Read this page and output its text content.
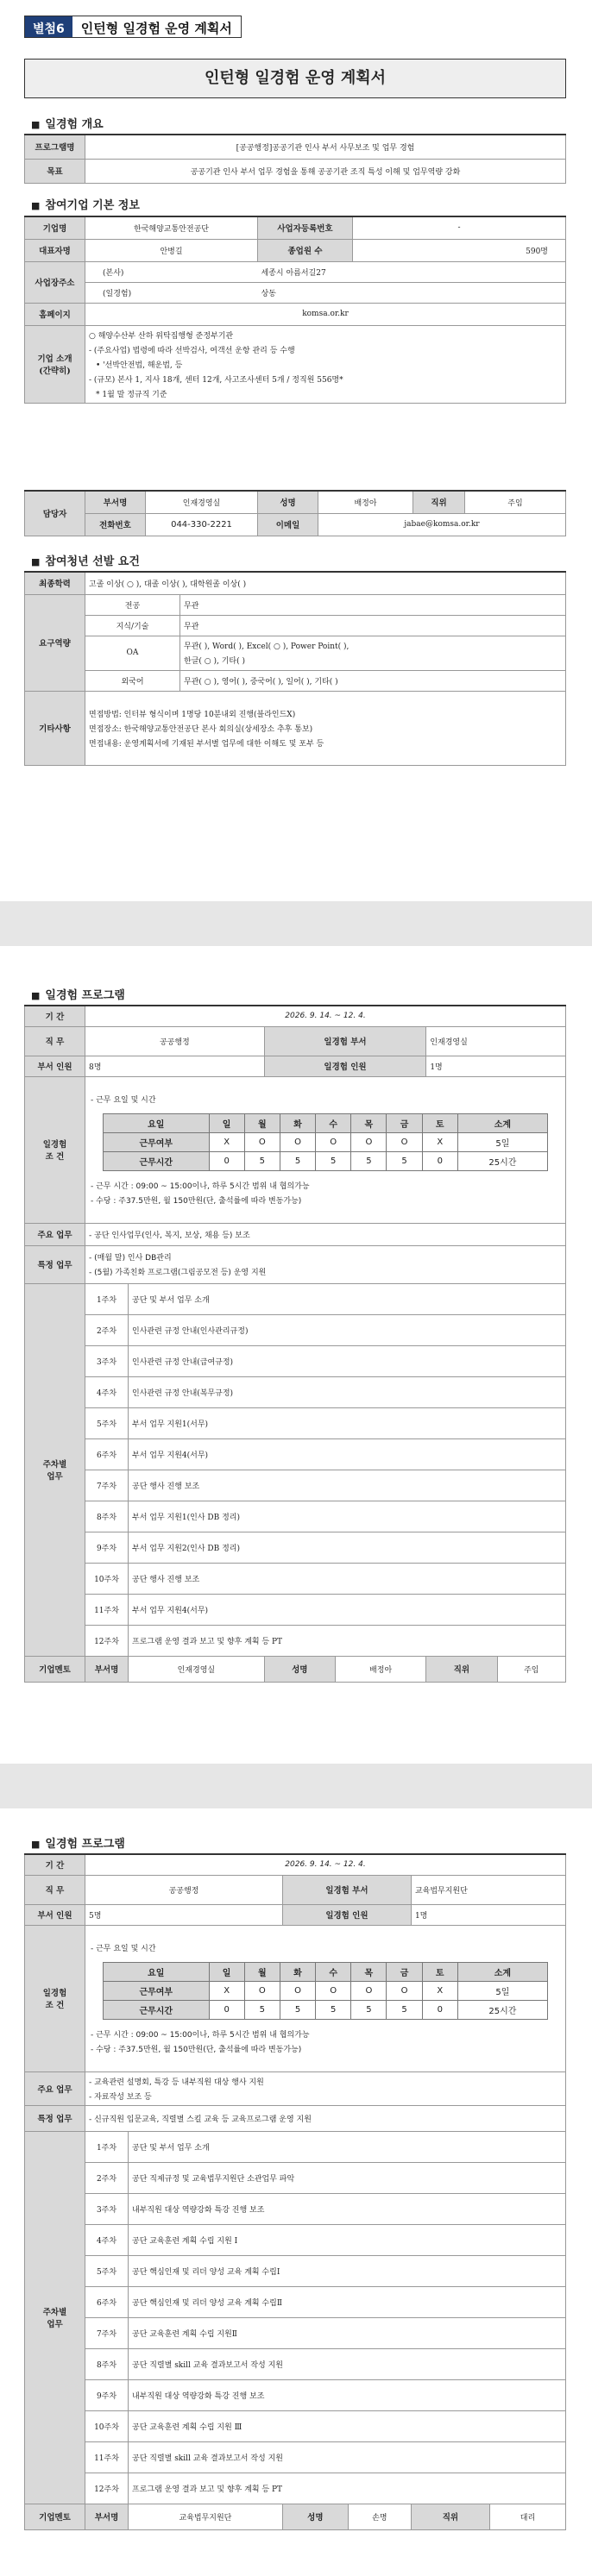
별첨6	인턴형 일경험 운영 계획서
인턴형 일경험 운영 계획서
■ 일경험 개요
프로그램명	[공공행정]공공기관 인사 부서 사무보조 및 업무 경험
목표	공공기관 인사 부서 업무 경험을 통해 공공기관 조직 특성 이해 및 업무역량 강화
■ 참여기업 기본 정보
기업명	한국해양교통안전공단	사업자등록번호	-
대표자명	안병길	종업원 수	590명
사업장주소	(본사)	세종시 아름서길27	
	(일경험)	상동	
홈페이지	komsa.or.kr		
기업 소개
(간략히)	○ 해양수산부 산하 위탁집행형 준정부기관
- (주요사업) 법령에 따라 선박검사, 여객선 운항 관리 등 수행
• '선박안전법, 해운법, 등
- (규모) 본사 1, 지사 18개, 센터 12개, 사고조사센터 5개 / 정직원 556명*
* 1월 말 정규직 기준		
담당자	부서명	인재경영실	성명	배정아	직위	주임
	전화번호	044-330-2221	이메일	jabae@komsa.or.kr		
■ 참여청년 선발 요건
최종학력	고졸 이상( ○ ), 대졸 이상( ), 대학원졸 이상( )	
요구역량	전공	무관
	지식/기술	무관
	OA	무관( ), Word( ), Excel( ○ ), Power Point( ),
한글( ○ ), 기타( )

	외국어	무관( ○ ), 영어( ), 중국어( ), 일어( ), 기타( )
기타사항	면접방법: 인터뷰 형식이며 1명당 10분내외 진행(블라인드X)
면접장소: 한국해양교통안전공단 본사 회의실(상세장소 추후 통보)
면접내용: 운영계획서에 기재된 부서별 업무에 대한 이해도 및 포부 등	
■ 일경험 프로그램
기 간	2026. 9. 14. ~ 12. 4.
직 무	공공행정	일경험 부서	인재경영실
부서 인원	8명	일경험 인원	1명
일경험
조 건	
- 근무 요일 및 시간
요일	일	월	화	수	목	금	토	소계
근무여부	X	O	O	O	O	O	X	5일
근무시간	0	5	5	5	5	5	0	25시간
- 근무 시간 : 09:00 ~ 15:00이나, 하루 5시간 범위 내 협의가능
- 수당 : 주37.5만원, 월 150만원(단, 출석률에 따라 변동가능)

주요 업무	- 공단 인사업무(인사, 복지, 보상, 채용 등) 보조
특정 업무	
- (매월 말) 인사 DB관리
- (5월) 가족친화 프로그램(그림공모전 등) 운영 지원

주차별
업무	1주차	공단 및 부서 업무 소개
2주차	인사관련 규정 안내(인사관리규정)
3주차	인사관련 규정 안내(급여규정)
4주차	인사관련 규정 안내(복무규정)
5주차	부서 업무 지원1(서무)
6주차	부서 업무 지원4(서무)
7주차	공단 행사 진행 보조
8주차	부서 업무 지원1(인사 DB 정리)
9주차	부서 업무 지원2(인사 DB 정리)
10주차	공단 행사 진행 보조
11주차	부서 업무 지원4(서무)
12주차	프로그램 운영 결과 보고 및 향후 계획 등 PT
기업멘토	부서명	인재경영실	성명	배정아	직위	주임
■ 일경험 프로그램
기 간	2026. 9. 14. ~ 12. 4.
직 무	공공행정	일경험 부서	교육법무지원단
부서 인원	5명	일경험 인원	1명
일경험
조 건	
- 근무 요일 및 시간
요일	일	월	화	수	목	금	토	소계
근무여부	X	O	O	O	O	O	X	5일
근무시간	0	5	5	5	5	5	0	25시간
- 근무 시간 : 09:00 ~ 15:00이나, 하루 5시간 범위 내 협의가능
- 수당 : 주37.5만원, 월 150만원(단, 출석률에 따라 변동가능)

주요 업무	
- 교육관련 설명회, 특강 등 내부직원 대상 행사 지원
- 자료작성 보조 등

특정 업무	- 신규직원 입문교육, 직렬별 스킬 교육 등 교육프로그램 운영 지원
주차별
업무	1주차	공단 및 부서 업무 소개
2주차	공단 직제규정 및 교육법무지원단 소관업무 파악
3주차	내부직원 대상 역량강화 특강 진행 보조
4주차	공단 교육훈련 계획 수립 지원 Ⅰ
5주차	공단 핵심인재 및 리더 양성 교육 계획 수립Ⅰ
6주차	공단 핵심인재 및 리더 양성 교육 계획 수립Ⅱ
7주차	공단 교육훈련 계획 수립 지원Ⅱ
8주차	공단 직렬별 skill 교육 결과보고서 작성 지원
9주차	내부직원 대상 역량강화 특강 진행 보조
10주차	공단 교육훈련 계획 수립 지원 Ⅲ
11주차	공단 직렬별 skill 교육 결과보고서 작성 지원
12주차	프로그램 운영 결과 보고 및 향후 계획 등 PT
기업멘토	부서명	교육법무지원단	성명	손명	직위	대리
